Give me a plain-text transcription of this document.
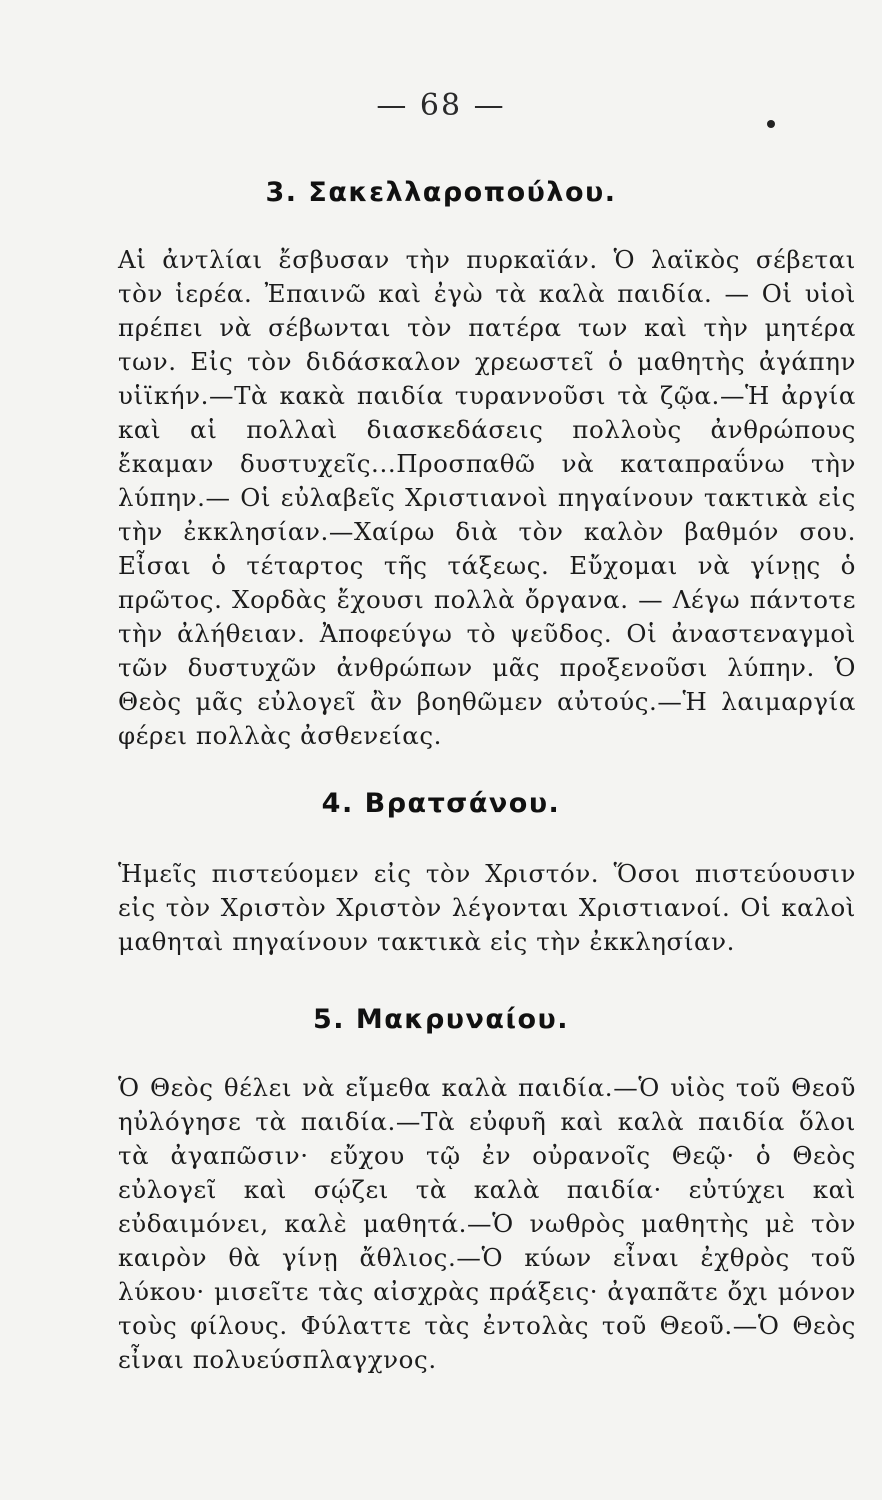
— 68 —
3. Σακελλαροπούλου.

Αἱ ἀντλίαι ἔσβυσαν τὴν πυρκαϊάν. Ὁ λαϊκὸς σέβεται τὸν ἱερέα. Ἐπαινῶ καὶ ἐγὼ τὰ καλὰ παιδία. — Οἱ υἱοὶ πρέπει νὰ σέβωνται τὸν πατέρα των καὶ τὴν μητέρα των. Εἰς τὸν διδάσκαλον χρεωστεῖ ὁ μαθητὴς ἀγάπην υἱϊκήν.—Τὰ κακὰ παιδία τυραννοῦσι τὰ ζῷα.—Ἡ ἀργία καὶ αἱ πολλαὶ διασκεδάσεις πολλοὺς ἀνθρώπους ἔκαμαν δυστυχεῖς...Προσπαθῶ νὰ καταπραΰνω τὴν λύπην.— Οἱ εὐλαβεῖς Χριστιανοὶ πηγαίνουν τακτικὰ εἰς τὴν ἐκκλησίαν.—Χαίρω διὰ τὸν καλὸν βαθμόν σου. Εἶσαι ὁ τέταρτος τῆς τάξεως. Εὔχομαι νὰ γίνῃς ὁ πρῶτος. Χορδὰς ἔχουσι πολλὰ ὄργανα. — Λέγω πάντοτε τὴν ἀλήθειαν. Ἀποφεύγω τὸ ψεῦδος. Οἱ ἀναστεναγμοὶ τῶν δυστυχῶν ἀνθρώπων μᾶς προξενοῦσι λύπην. Ὁ Θεὸς μᾶς εὐλογεῖ ἂν βοηθῶμεν αὐτούς.—Ἡ λαιμαργία φέρει πολλὰς ἀσθενείας.

4. Βρατσάνου.

Ἡμεῖς πιστεύομεν εἰς τὸν Χριστόν. Ὅσοι πιστεύουσιν εἰς τὸν Χριστὸν Χριστὸν λέγονται Χριστιανοί. Οἱ καλοὶ μαθηταὶ πηγαίνουν τακτικὰ εἰς τὴν ἐκκλησίαν.

5. Μακρυναίου.

Ὁ Θεὸς θέλει νὰ εἴμεθα καλὰ παιδία.—Ὁ υἱὸς τοῦ Θεοῦ ηὐλόγησε τὰ παιδία.—Τὰ εὐφυῆ καὶ καλὰ παιδία ὅλοι τὰ ἀγαπῶσιν· εὔχου τῷ ἐν οὐρανοῖς Θεῷ· ὁ Θεὸς εὐλογεῖ καὶ σῴζει τὰ καλὰ παιδία· εὐτύχει καὶ εὐδαιμόνει, καλὲ μαθητά.—Ὁ νωθρὸς μαθητὴς μὲ τὸν καιρὸν θὰ γίνῃ ἄθλιος.—Ὁ κύων εἶναι ἐχθρὸς τοῦ λύκου· μισεῖτε τὰς αἰσχρὰς πράξεις· ἀγαπᾶτε ὄχι μόνον τοὺς φίλους. Φύλαττε τὰς ἐντολὰς τοῦ Θεοῦ.—Ὁ Θεὸς εἶναι πολυεύσπλαγχνος.
